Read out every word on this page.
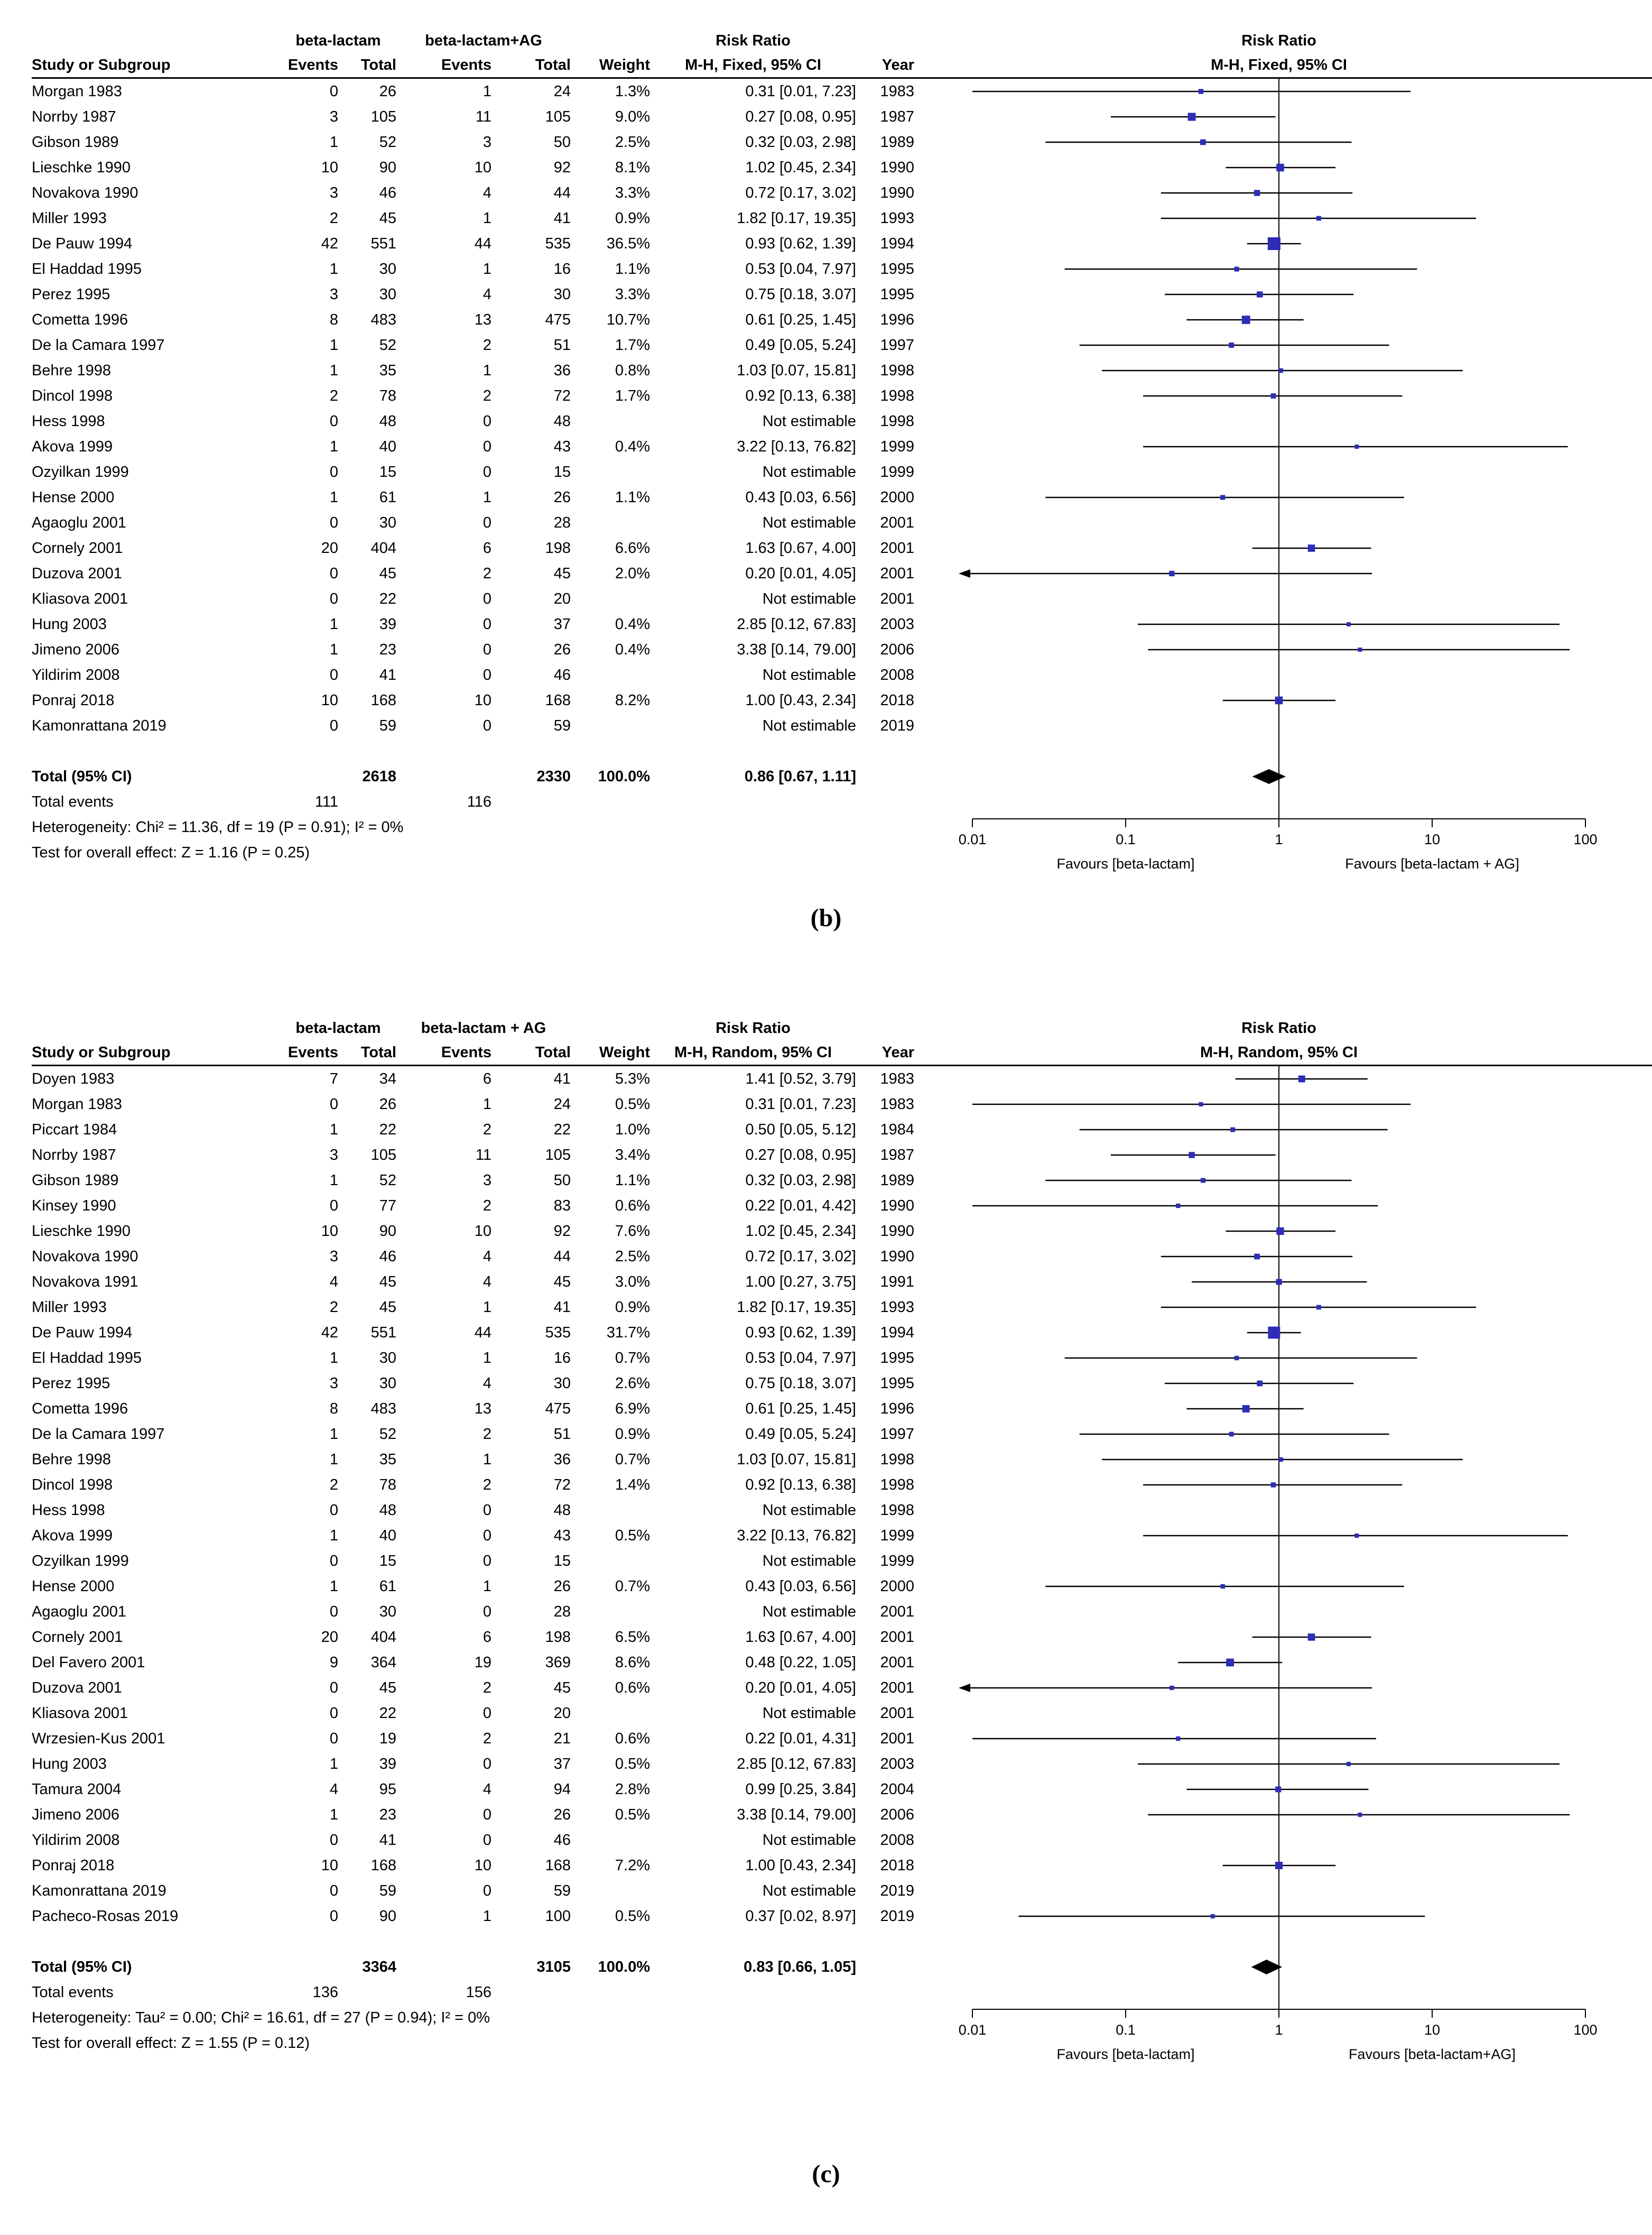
beta-lactam	beta-lactam+AG	Risk Ratio	Risk Ratio
Study or Subgroup	Events	Total	Events	Total	Weight	M-H, Fixed, 95% CI	Year	M-H, Fixed, 95% CI
Morgan 1983	0	26	1	24	1.3%	0.31 [0.01, 7.23]	1983
Norrby 1987	3	105	11	105	9.0%	0.27 [0.08, 0.95]	1987
Gibson 1989	1	52	3	50	2.5%	0.32 [0.03, 2.98]	1989
Lieschke 1990	10	90	10	92	8.1%	1.02 [0.45, 2.34]	1990
Novakova 1990	3	46	4	44	3.3%	0.72 [0.17, 3.02]	1990
Miller 1993	2	45	1	41	0.9%	1.82 [0.17, 19.35]	1993
De Pauw 1994	42	551	44	535	36.5%	0.93 [0.62, 1.39]	1994
El Haddad 1995	1	30	1	16	1.1%	0.53 [0.04, 7.97]	1995
Perez 1995	3	30	4	30	3.3%	0.75 [0.18, 3.07]	1995
Cometta 1996	8	483	13	475	10.7%	0.61 [0.25, 1.45]	1996
De la Camara 1997	1	52	2	51	1.7%	0.49 [0.05, 5.24]	1997
Behre 1998	1	35	1	36	0.8%	1.03 [0.07, 15.81]	1998
Dincol 1998	2	78	2	72	1.7%	0.92 [0.13, 6.38]	1998
Hess 1998	0	48	0	48	Not estimable	1998
Akova 1999	1	40	0	43	0.4%	3.22 [0.13, 76.82]	1999
Ozyilkan 1999	0	15	0	15	Not estimable	1999
Hense 2000	1	61	1	26	1.1%	0.43 [0.03, 6.56]	2000
Agaoglu 2001	0	30	0	28	Not estimable	2001
Cornely 2001	20	404	6	198	6.6%	1.63 [0.67, 4.00]	2001
Duzova 2001	0	45	2	45	2.0%	0.20 [0.01, 4.05]	2001
Kliasova 2001	0	22	0	20	Not estimable	2001
Hung 2003	1	39	0	37	0.4%	2.85 [0.12, 67.83]	2003
Jimeno 2006	1	23	0	26	0.4%	3.38 [0.14, 79.00]	2006
Yildirim 2008	0	41	0	46	Not estimable	2008
Ponraj 2018	10	168	10	168	8.2%	1.00 [0.43, 2.34]	2018
Kamonrattana 2019	0	59	0	59	Not estimable	2019
Total (95% CI)	2618	2330	100.0%	0.86 [0.67, 1.11]
Total events	111	116
Heterogeneity: Chi² = 11.36, df = 19 (P = 0.91); I² = 0%
Test for overall effect: Z = 1.16 (P = 0.25)
0.01	0.1	1	10	100
Favours [beta-lactam]	Favours [beta-lactam + AG]
(b)
beta-lactam	beta-lactam + AG	Risk Ratio	Risk Ratio
Study or Subgroup	Events	Total	Events	Total	Weight	M-H, Random, 95% CI	Year	M-H, Random, 95% CI
Doyen 1983	7	34	6	41	5.3%	1.41 [0.52, 3.79]	1983
Morgan 1983	0	26	1	24	0.5%	0.31 [0.01, 7.23]	1983
Piccart 1984	1	22	2	22	1.0%	0.50 [0.05, 5.12]	1984
Norrby 1987	3	105	11	105	3.4%	0.27 [0.08, 0.95]	1987
Gibson 1989	1	52	3	50	1.1%	0.32 [0.03, 2.98]	1989
Kinsey 1990	0	77	2	83	0.6%	0.22 [0.01, 4.42]	1990
Lieschke 1990	10	90	10	92	7.6%	1.02 [0.45, 2.34]	1990
Novakova 1990	3	46	4	44	2.5%	0.72 [0.17, 3.02]	1990
Novakova 1991	4	45	4	45	3.0%	1.00 [0.27, 3.75]	1991
Miller 1993	2	45	1	41	0.9%	1.82 [0.17, 19.35]	1993
De Pauw 1994	42	551	44	535	31.7%	0.93 [0.62, 1.39]	1994
El Haddad 1995	1	30	1	16	0.7%	0.53 [0.04, 7.97]	1995
Perez 1995	3	30	4	30	2.6%	0.75 [0.18, 3.07]	1995
Cometta 1996	8	483	13	475	6.9%	0.61 [0.25, 1.45]	1996
De la Camara 1997	1	52	2	51	0.9%	0.49 [0.05, 5.24]	1997
Behre 1998	1	35	1	36	0.7%	1.03 [0.07, 15.81]	1998
Dincol 1998	2	78	2	72	1.4%	0.92 [0.13, 6.38]	1998
Hess 1998	0	48	0	48	Not estimable	1998
Akova 1999	1	40	0	43	0.5%	3.22 [0.13, 76.82]	1999
Ozyilkan 1999	0	15	0	15	Not estimable	1999
Hense 2000	1	61	1	26	0.7%	0.43 [0.03, 6.56]	2000
Agaoglu 2001	0	30	0	28	Not estimable	2001
Cornely 2001	20	404	6	198	6.5%	1.63 [0.67, 4.00]	2001
Del Favero 2001	9	364	19	369	8.6%	0.48 [0.22, 1.05]	2001
Duzova 2001	0	45	2	45	0.6%	0.20 [0.01, 4.05]	2001
Kliasova 2001	0	22	0	20	Not estimable	2001
Wrzesien-Kus 2001	0	19	2	21	0.6%	0.22 [0.01, 4.31]	2001
Hung 2003	1	39	0	37	0.5%	2.85 [0.12, 67.83]	2003
Tamura 2004	4	95	4	94	2.8%	0.99 [0.25, 3.84]	2004
Jimeno 2006	1	23	0	26	0.5%	3.38 [0.14, 79.00]	2006
Yildirim 2008	0	41	0	46	Not estimable	2008
Ponraj 2018	10	168	10	168	7.2%	1.00 [0.43, 2.34]	2018
Kamonrattana 2019	0	59	0	59	Not estimable	2019
Pacheco-Rosas 2019	0	90	1	100	0.5%	0.37 [0.02, 8.97]	2019
Total (95% CI)	3364	3105	100.0%	0.83 [0.66, 1.05]
Total events	136	156
Heterogeneity: Tau² = 0.00; Chi² = 16.61, df = 27 (P = 0.94); I² = 0%
Test for overall effect: Z = 1.55 (P = 0.12)
0.01	0.1	1	10	100
Favours [beta-lactam]	Favours [beta-lactam+AG]
(c)
